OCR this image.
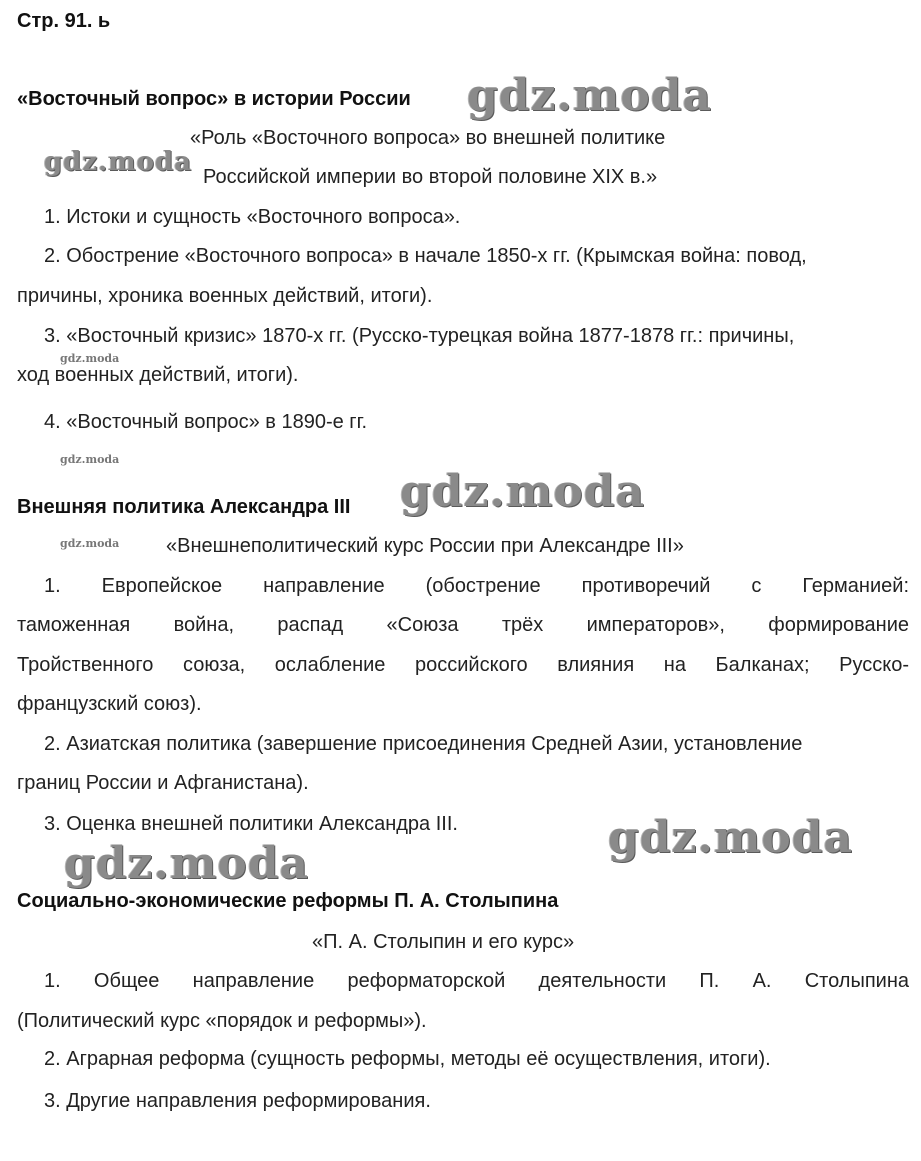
Стр. 91. ь
«Восточный вопрос» в истории России gdz.moda
«Роль «Восточного вопроса» во внешней политике
gdz.moda Российской империи во второй половине XIX в.»
1. Истоки и сущность «Восточного вопроса».
2. Обострение «Восточного вопроса» в начале 1850-х гг. (Крымская война: повод,
причины, хроника военных действий, итоги).
3. «Восточный кризис» 1870-х гг. (Русско-турецкая война 1877-1878 гг.: причины,
gdz.moda
ход военных действий, итоги).
4. «Восточный вопрос» в 1890-е гг.
gdz.moda
Внешняя политика Александра III gdz.moda
gdz.moda «Внешнеполитический курс России при Александре III»
1. Европейское направление (обострение противоречий с Германией:
таможенная война, распад «Союза трёх императоров», формирование
Тройственного союза, ослабление российского влияния на Балканах; Русско-
французский союз).
2. Азиатская политика (завершение присоединения Средней Азии, установление
границ России и Афганистана).
3. Оценка внешней политики Александра III.	gdz.moda
gdz.moda
Социально-экономические реформы П. А. Столыпина
«П. А. Столыпин и его курс»
1. Общее направление реформаторской деятельности П. А. Столыпина
(Политический курс «порядок и реформы»).
2. Аграрная реформа (сущность реформы, методы её осуществления, итоги).
3. Другие направления реформирования.
